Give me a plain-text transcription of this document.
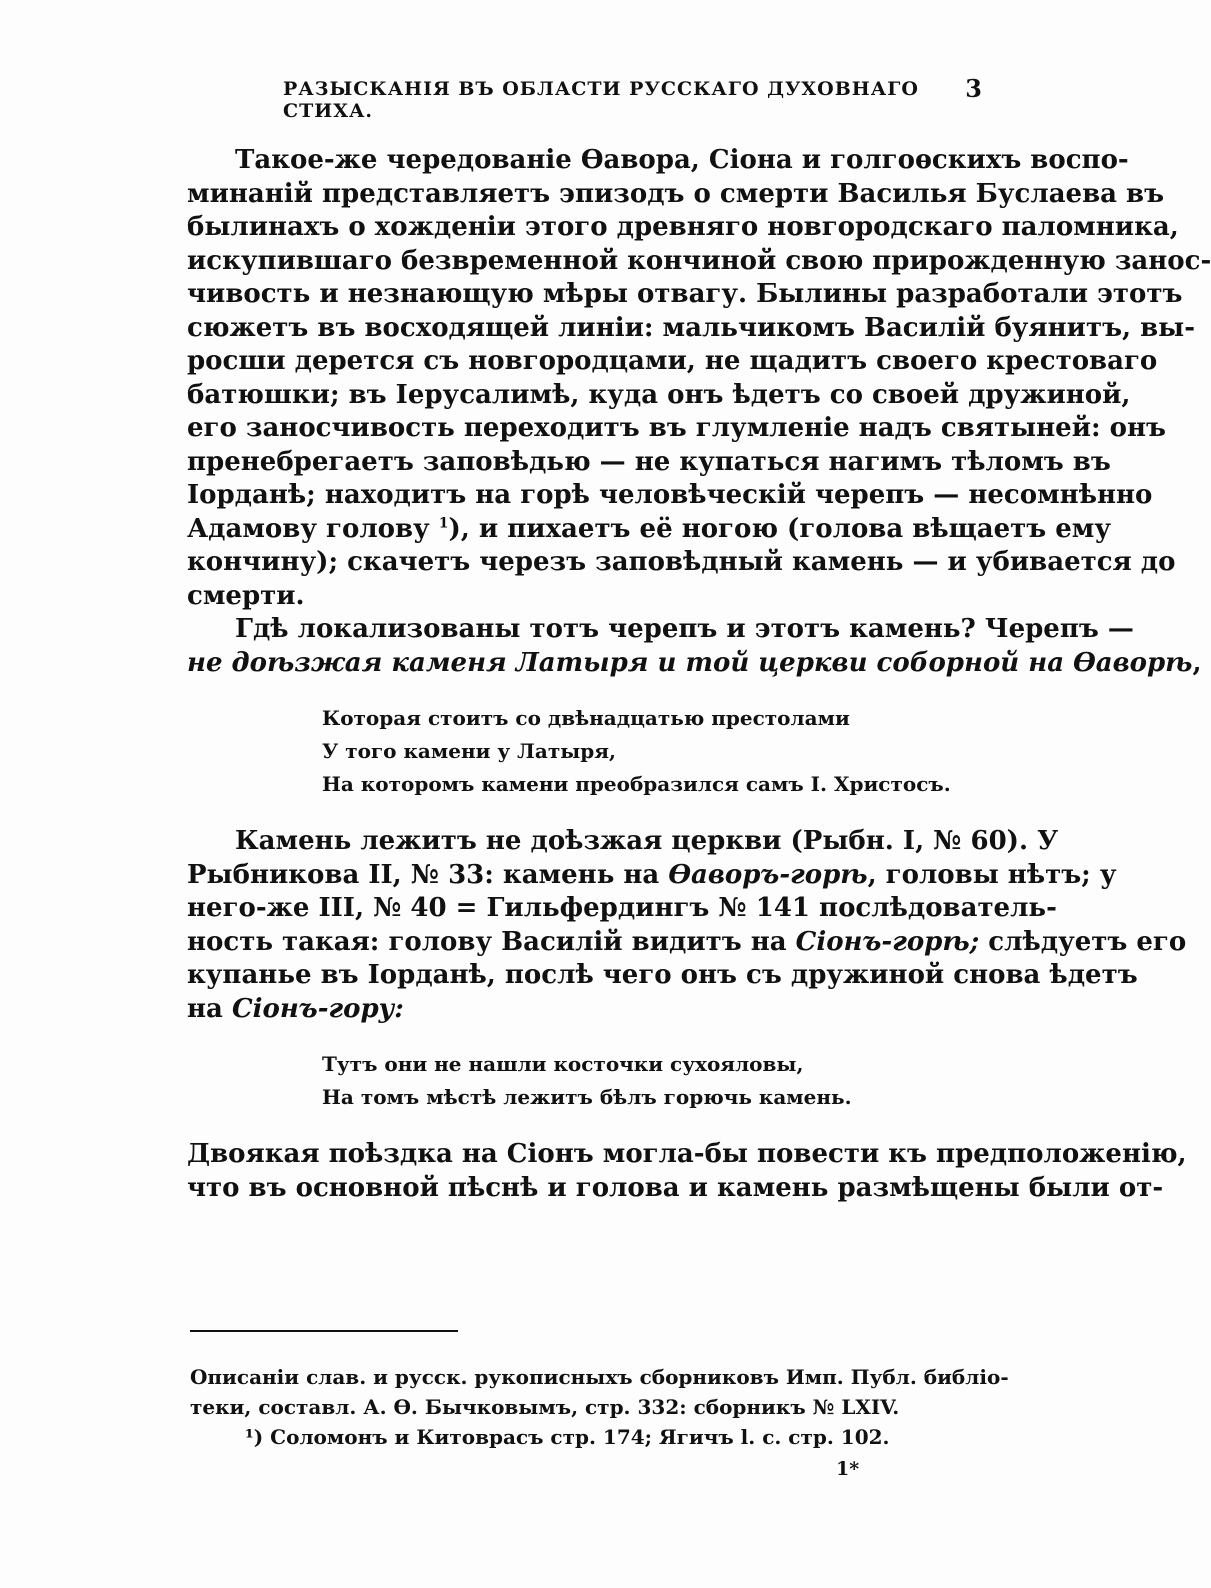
РАЗЫСКАНІЯ ВЪ ОБЛАСТИ РУССКАГО ДУХОВНАГО СТИХА.
3
Такое-же чередованіе Ѳавора, Сіона и голгоѳскихъ воспо-
минаній представляетъ эпизодъ о смерти Василья Буслаева въ
былинахъ о хожденіи этого древняго новгородскаго паломника,
искупившаго безвременной кончиной свою прирожденную занос-
чивость и незнающую мѣры отвагу. Былины разработали этотъ
сюжетъ въ восходящей линіи: мальчикомъ Василій буянитъ, вы-
росши дерется съ новгородцами, не щадитъ своего крестоваго
батюшки; въ Іерусалимѣ, куда онъ ѣдетъ со своей дружиной,
его заносчивость переходитъ въ глумленіе надъ святыней: онъ
пренебрегаетъ заповѣдью — не купаться нагимъ тѣломъ въ
Іорданѣ; находитъ на горѣ человѣческій черепъ — несомнѣнно
Адамову голову $^1$), и пихаетъ её ногою (голова вѣщаетъ ему
кончину); скачетъ черезъ заповѣдный камень — и убивается до
смерти.
Гдѣ локализованы тотъ черепъ и этотъ камень? Черепъ —
не доѣзжая каменя Латыря и той церкви соборной на Ѳаворѣ,
Которая стоитъ со двѣнадцатью престолами
У того камени у Латыря,
На которомъ камени преобразился самъ І. Христосъ.
Камень лежитъ не доѣзжая церкви (Рыбн. I, № 60). У
Рыбникова II, № 33: камень на Ѳаворъ-горѣ, головы нѣтъ; у
него-же III, № 40 = Гильфердингъ № 141 послѣдователь-
ность такая: голову Василій видитъ на Сіонъ-горѣ; слѣдуетъ его
купанье въ Іорданѣ, послѣ чего онъ съ дружиной снова ѣдетъ
на Сіонъ-гору:
Тутъ они не нашли косточки сухояловы,
На томъ мѣстѣ лежитъ бѣлъ горючь камень.
Двоякая поѣздка на Сіонъ могла-бы повести къ предположенію,
что въ основной пѣснѣ и голова и камень размѣщены были от-
Описаніи слав. и русск. рукописныхъ сборниковъ Имп. Публ. библіо-
теки, составл. А. Ѳ. Бычковымъ, стр. 332: сборникъ № LXIV.
¹) Соломонъ и Китоврасъ стр. 174; Ягичъ l. c. стр. 102.
1*
